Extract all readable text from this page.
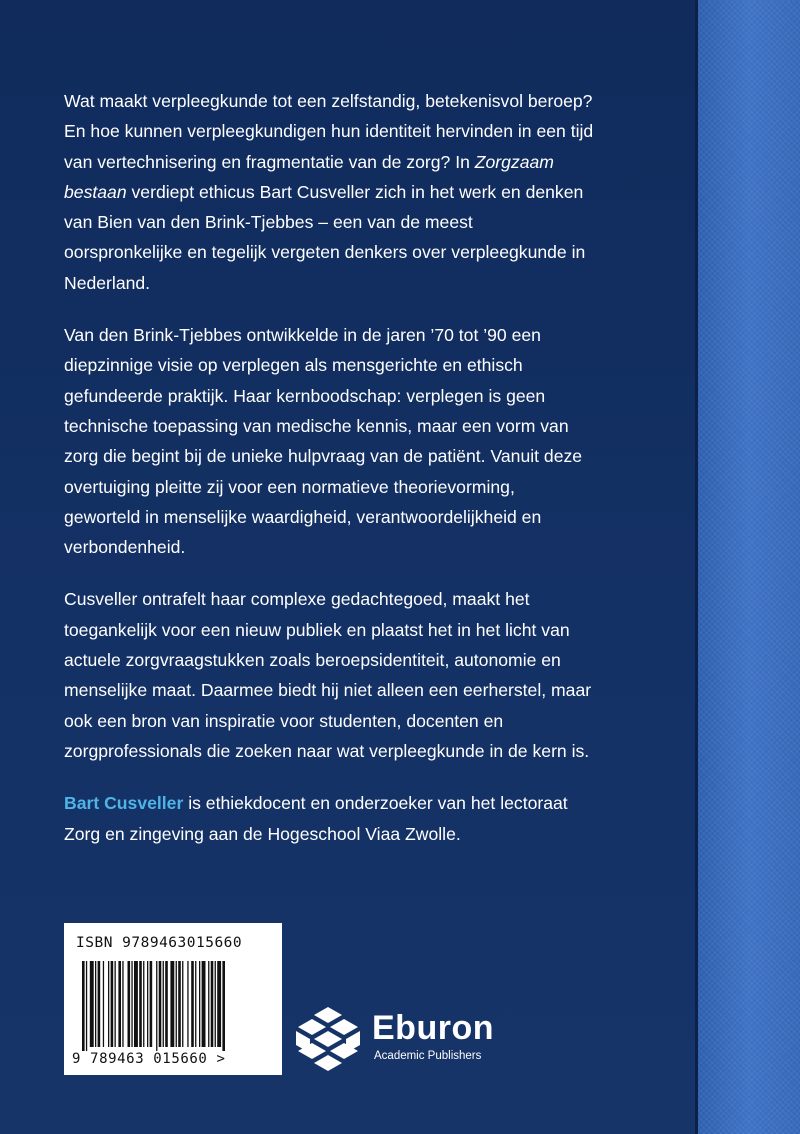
Wat maakt verpleegkunde tot een zelfstandig, betekenisvol beroep? En hoe kunnen verpleegkundigen hun identiteit hervinden in een tijd van vertechnisering en fragmentatie van de zorg? In Zorgzaam bestaan verdiept ethicus Bart Cusveller zich in het werk en denken van Bien van den Brink-Tjebbes – een van de meest oorspronkelijke en tegelijk vergeten denkers over verpleegkunde in Nederland.

Van den Brink-Tjebbes ontwikkelde in de jaren ’70 tot ’90 een diepzinnige visie op verplegen als mensgerichte en ethisch gefundeerde praktijk. Haar kernboodschap: verplegen is geen technische toepassing van medische kennis, maar een vorm van zorg die begint bij de unieke hulpvraag van de patiënt. Vanuit deze overtuiging pleitte zij voor een normatieve theorievorming, geworteld in menselijke waardigheid, verantwoordelijkheid en verbondenheid.

Cusveller ontrafelt haar complexe gedachtegoed, maakt het toegankelijk voor een nieuw publiek en plaatst het in het licht van actuele zorgvraagstukken zoals beroepsidentiteit, autonomie en menselijke maat. Daarmee biedt hij niet alleen een eerherstel, maar ook een bron van inspiratie voor studenten, docenten en zorgprofessionals die zoeken naar wat verpleegkunde in de kern is.

Bart Cusveller is ethiekdocent en onderzoeker van het lectoraat Zorg en zingeving aan de Hogeschool Viaa Zwolle.

ISBN 9789463015660
9 789463 015660 >
Eburon
Academic Publishers
